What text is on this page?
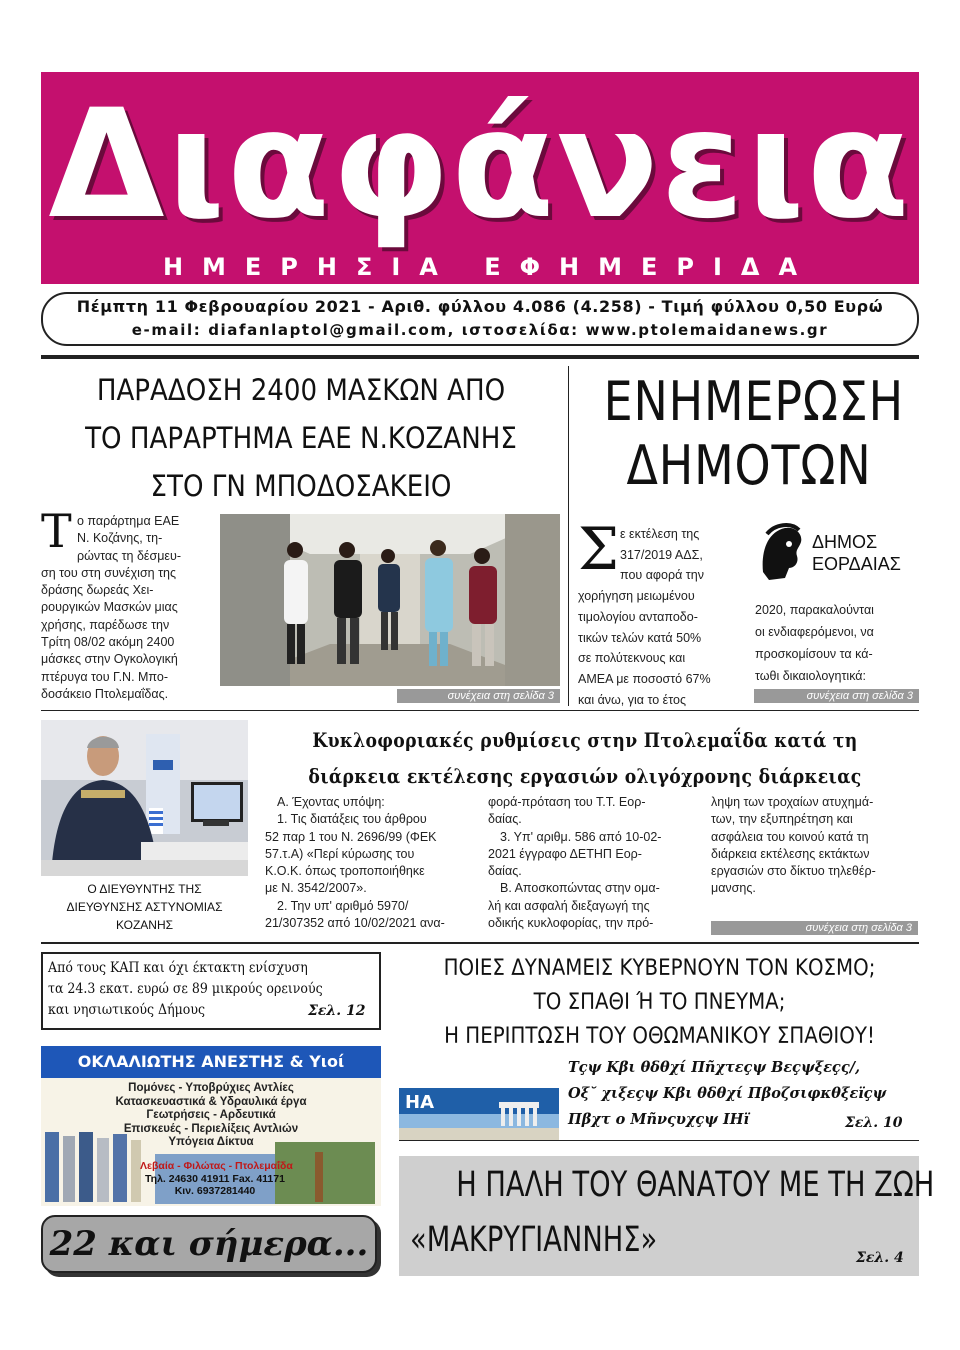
Διαφάνεια
ΗΜΕΡΗΣΙΑ ΕΦΗΜΕΡΙΔΑ
Πέμπτη 11 Φεβρουαρίου 2021 - Αριθ. φύλλου 4.086 (4.258) - Τιμή φύλλου 0,50 Ευρώ
e-mail: diafanlaptol@gmail.com, ιστοσελίδα: www.ptolemaidanews.gr
ΠΑΡΑΔΟΣΗ 2400 ΜΑΣΚΩΝ ΑΠΟ
ΤΟ ΠΑΡΑΡΤΗΜΑ ΕΑΕ Ν.ΚΟΖΑΝΗΣ
ΣΤΟ ΓΝ ΜΠΟΔΟΣΑΚΕΙΟ
Τ ο παράρτημα ΕΑΕ
Ν. Κοζάνης, τη-
ρώντας τη δέσμευ-
ση του στη συνέχιση της
δράσης δωρεάς Χει-
ρουργικών Μασκών μιας
χρήσης, παρέδωσε την
Τρίτη 08/02 ακόμη 2400
μάσκες στην Ογκολογική
πτέρυγα του Γ.Ν. Μπο-
δοσάκειο Πτολεμαΐδας.	συνέχεια στη σελίδα 3
ΕΝΗΜΕΡΩΣΗ
ΔΗΜΟΤΩΝ
Σ ε εκτέλεση της
317/2019 ΑΔΣ,
που αφορά την
χορήγηση μειωμένου
τιμολογίου ανταποδο-
τικών τελών κατά 50%
σε πολύτεκνους και
ΑΜΕΑ με ποσοστό 67%
και άνω, για το έτος
ΔΗΜΟΣ
ΕΟΡΔΑΙΑΣ
2020, παρακαλούνται
οι ενδιαφερόμενοι, να
προσκομίσουν τα κά-
τωθι δικαιολογητικά:
συνέχεια στη σελίδα 3
Ο ΔΙΕΥΘΥΝΤΗΣ ΤΗΣ
ΔΙΕΥΘΥΝΣΗΣ ΑΣΤΥΝΟΜΙΑΣ
ΚΟΖΑΝΗΣ
Κυκλοφοριακές ρυθμίσεις στην Πτολεμαΐδα κατά τη
διάρκεια εκτέλεσης εργασιών ολιγόχρονης διάρκειας
Α. Έχοντας υπόψη:
1. Τις διατάξεις του άρθρου
52 παρ 1 του Ν. 2696/99 (ΦΕΚ
57.τ.Α) «Περί κύρωσης του
Κ.Ο.Κ. όπως τροποποιήθηκε
με Ν. 3542/2007».
2. Την υπ' αριθμό 5970/
21/307352 από 10/02/2021 ανα-
φορά-πρόταση του Τ.Τ. Εορ-
δαίας.
3. Υπ' αριθμ. 586 από 10-02-
2021 έγγραφο ΔΕΤΗΠ Εορ-
δαίας.
Β. Αποσκοπώντας στην ομα-
λή και ασφαλή διεξαγωγή της
οδικής κυκλοφορίας, την πρό-
ληψη των τροχαίων ατυχημά-
των, την εξυπηρέτηση και
ασφάλεια του κοινού κατά τη
διάρκεια εκτέλεσης εκτάκτων
εργασιών στο δίκτυο τηλεθέρ-
μανσης.
συνέχεια στη σελίδα 3
Από τους ΚΑΠ και όχι έκτακτη ενίσχυση
τα 24.3 εκατ. ευρώ σε 89 μικρούς ορεινούς
και νησιωτικούς Δήμους	Σελ. 12
ΠΟΙΕΣ ΔΥΝΑΜΕΙΣ ΚΥΒΕΡΝΟΥΝ ΤΟΝ ΚΟΣΜΟ;
ΤΟ ΣΠΑΘΙ Ή ΤΟ ΠΝΕΥΜΑ;
Η ΠΕΡΙΠΤΩΣΗ ΤΟΥ ΟΘΩΜΑΝΙΚΟΥ ΣΠΑΘΙΟΥ!
ΗΑ
Τçψ Κβι θδθχί Πñχτεçψ Βεçψξεçς/,
Οξ˘ χιξεçψ Κβι θδθχί Πβοζσιφκθξεïçψ
Πβχτ ο Μñνςυχçψ ΙΗï	Σελ. 10
ΟΚΛΑΛΙΩΤΗΣ ΑΝΕΣΤΗΣ & Υιοί
Πομόνες - Υποβρύχιες Αντλίες
Κατασκευαστικά & Υδραυλικά έργα
Γεωτρήσεις - Αρδευτικά
Επισκευές - Περιελίξεις Αντλιών
Υπόγεια Δίκτυα
Λεβαία - Φιλώτας - Πτολεμαΐδα
Τηλ. 24630 41911 Fax. 41171
Κιν. 6937281440
22 και σήμερα...
Η ΠΑΛΗ ΤΟΥ ΘΑΝΑΤΟΥ ΜΕ ΤΗ ΖΩΗ
«ΜΑΚΡΥΓΙΑΝΝΗΣ»	Σελ. 4
